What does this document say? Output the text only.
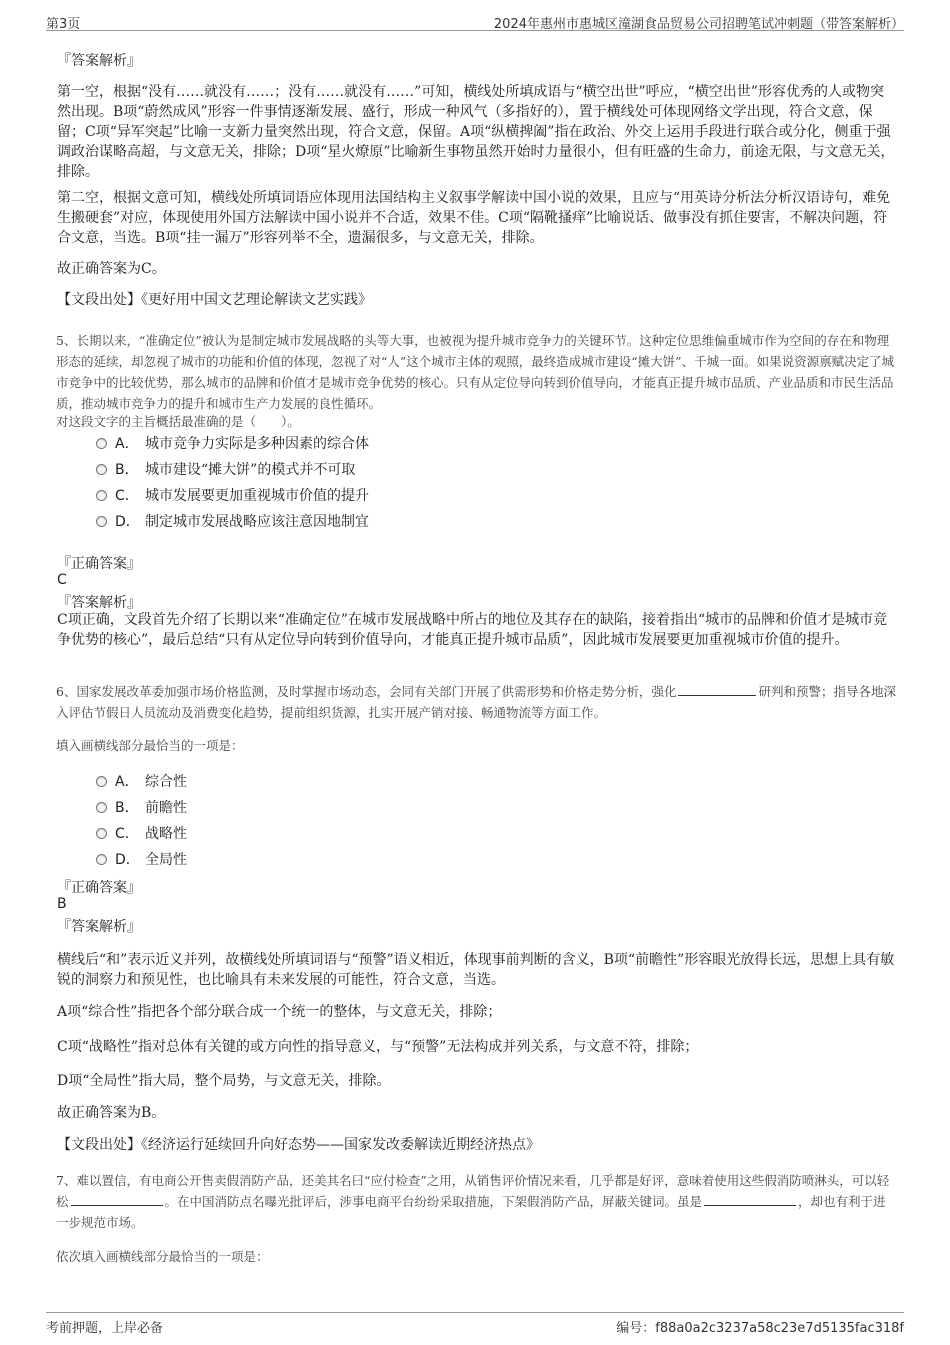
第3页	2024年惠州市惠城区潼湖食品贸易公司招聘笔试冲刺题（带答案解析）
『答案解析』

第一空，根据“没有……就没有……；没有……就没有……”可知，横线处所填成语与“横空出世”呼应，“横空出世”形容优秀的人或物突然出现。B项“蔚然成风”形容一件事情逐渐发展、盛行，形成一种风气（多指好的），置于横线处可体现网络文学出现，符合文意，保留；C项“异军突起”比喻一支新力量突然出现，符合文意，保留。A项“纵横捭阖”指在政治、外交上运用手段进行联合或分化，侧重于强调政治谋略高超，与文意无关，排除；D项“星火燎原”比喻新生事物虽然开始时力量很小，但有旺盛的生命力，前途无限，与文意无关，排除。

第二空，根据文意可知，横线处所填词语应体现用法国结构主义叙事学解读中国小说的效果，且应与“用英诗分析法分析汉语诗句，难免生搬硬套”对应，体现使用外国方法解读中国小说并不合适，效果不佳。C项“隔靴搔痒”比喻说话、做事没有抓住要害，不解决问题，符合文意，当选。B项“挂一漏万”形容列举不全，遗漏很多，与文意无关，排除。

故正确答案为C。

【文段出处】《更好用中国文艺理论解读文艺实践》

5、长期以来，“准确定位”被认为是制定城市发展战略的头等大事，也被视为提升城市竞争力的关键环节。这种定位思维偏重城市作为空间的存在和物理形态的延续，却忽视了城市的功能和价值的体现，忽视了对“人”这个城市主体的观照，最终造成城市建设“摊大饼”、千城一面。如果说资源禀赋决定了城市竞争中的比较优势，那么城市的品牌和价值才是城市竞争优势的核心。只有从定位导向转到价值导向，才能真正提升城市品质、产业品质和市民生活品质，推动城市竞争力的提升和城市生产力发展的良性循环。

对这段文字的主旨概括最准确的是（　　）。

A． 城市竞争力实际是多种因素的综合体
B． 城市建设“摊大饼”的模式并不可取
C． 城市发展要更加重视城市价值的提升
D． 制定城市发展战略应该注意因地制宜
『正确答案』
C
『答案解析』

C项正确，文段首先介绍了长期以来“准确定位”在城市发展战略中所占的地位及其存在的缺陷，接着指出“城市的品牌和价值才是城市竞争优势的核心”，最后总结“只有从定位导向转到价值导向，才能真正提升城市品质”，因此城市发展要更加重视城市价值的提升。

6、国家发展改革委加强市场价格监测，及时掌握市场动态，会同有关部门开展了供需形势和价格走势分析，强化	研判和预警；指导各地深入评估节假日人员流动及消费变化趋势，提前组织货源，扎实开展产销对接、畅通物流等方面工作。

填入画横线部分最恰当的一项是：

A． 综合性
B． 前瞻性
C． 战略性
D． 全局性
『正确答案』
B
『答案解析』

横线后“和”表示近义并列，故横线处所填词语与“预警”语义相近，体现事前判断的含义，B项“前瞻性”形容眼光放得长远，思想上具有敏锐的洞察力和预见性，也比喻具有未来发展的可能性，符合文意，当选。

A项“综合性”指把各个部分联合成一个统一的整体，与文意无关，排除；

C项“战略性”指对总体有关键的或方向性的指导意义，与“预警”无法构成并列关系，与文意不符，排除；

D项“全局性”指大局，整个局势，与文意无关，排除。

故正确答案为B。

【文段出处】《经济运行延续回升向好态势——国家发改委解读近期经济热点》

7、难以置信，有电商公开售卖假消防产品，还美其名曰“应付检查”之用，从销售评价情况来看，几乎都是好评，意味着使用这些假消防喷淋头，可以轻松	。在中国消防点名曝光批评后，涉事电商平台纷纷采取措施，下架假消防产品，屏蔽关键词。虽是	，却也有利于进一步规范市场。

依次填入画横线部分最恰当的一项是：

考前押题，上岸必备	编号：f88a0a2c3237a58c23e7d5135fac318f
